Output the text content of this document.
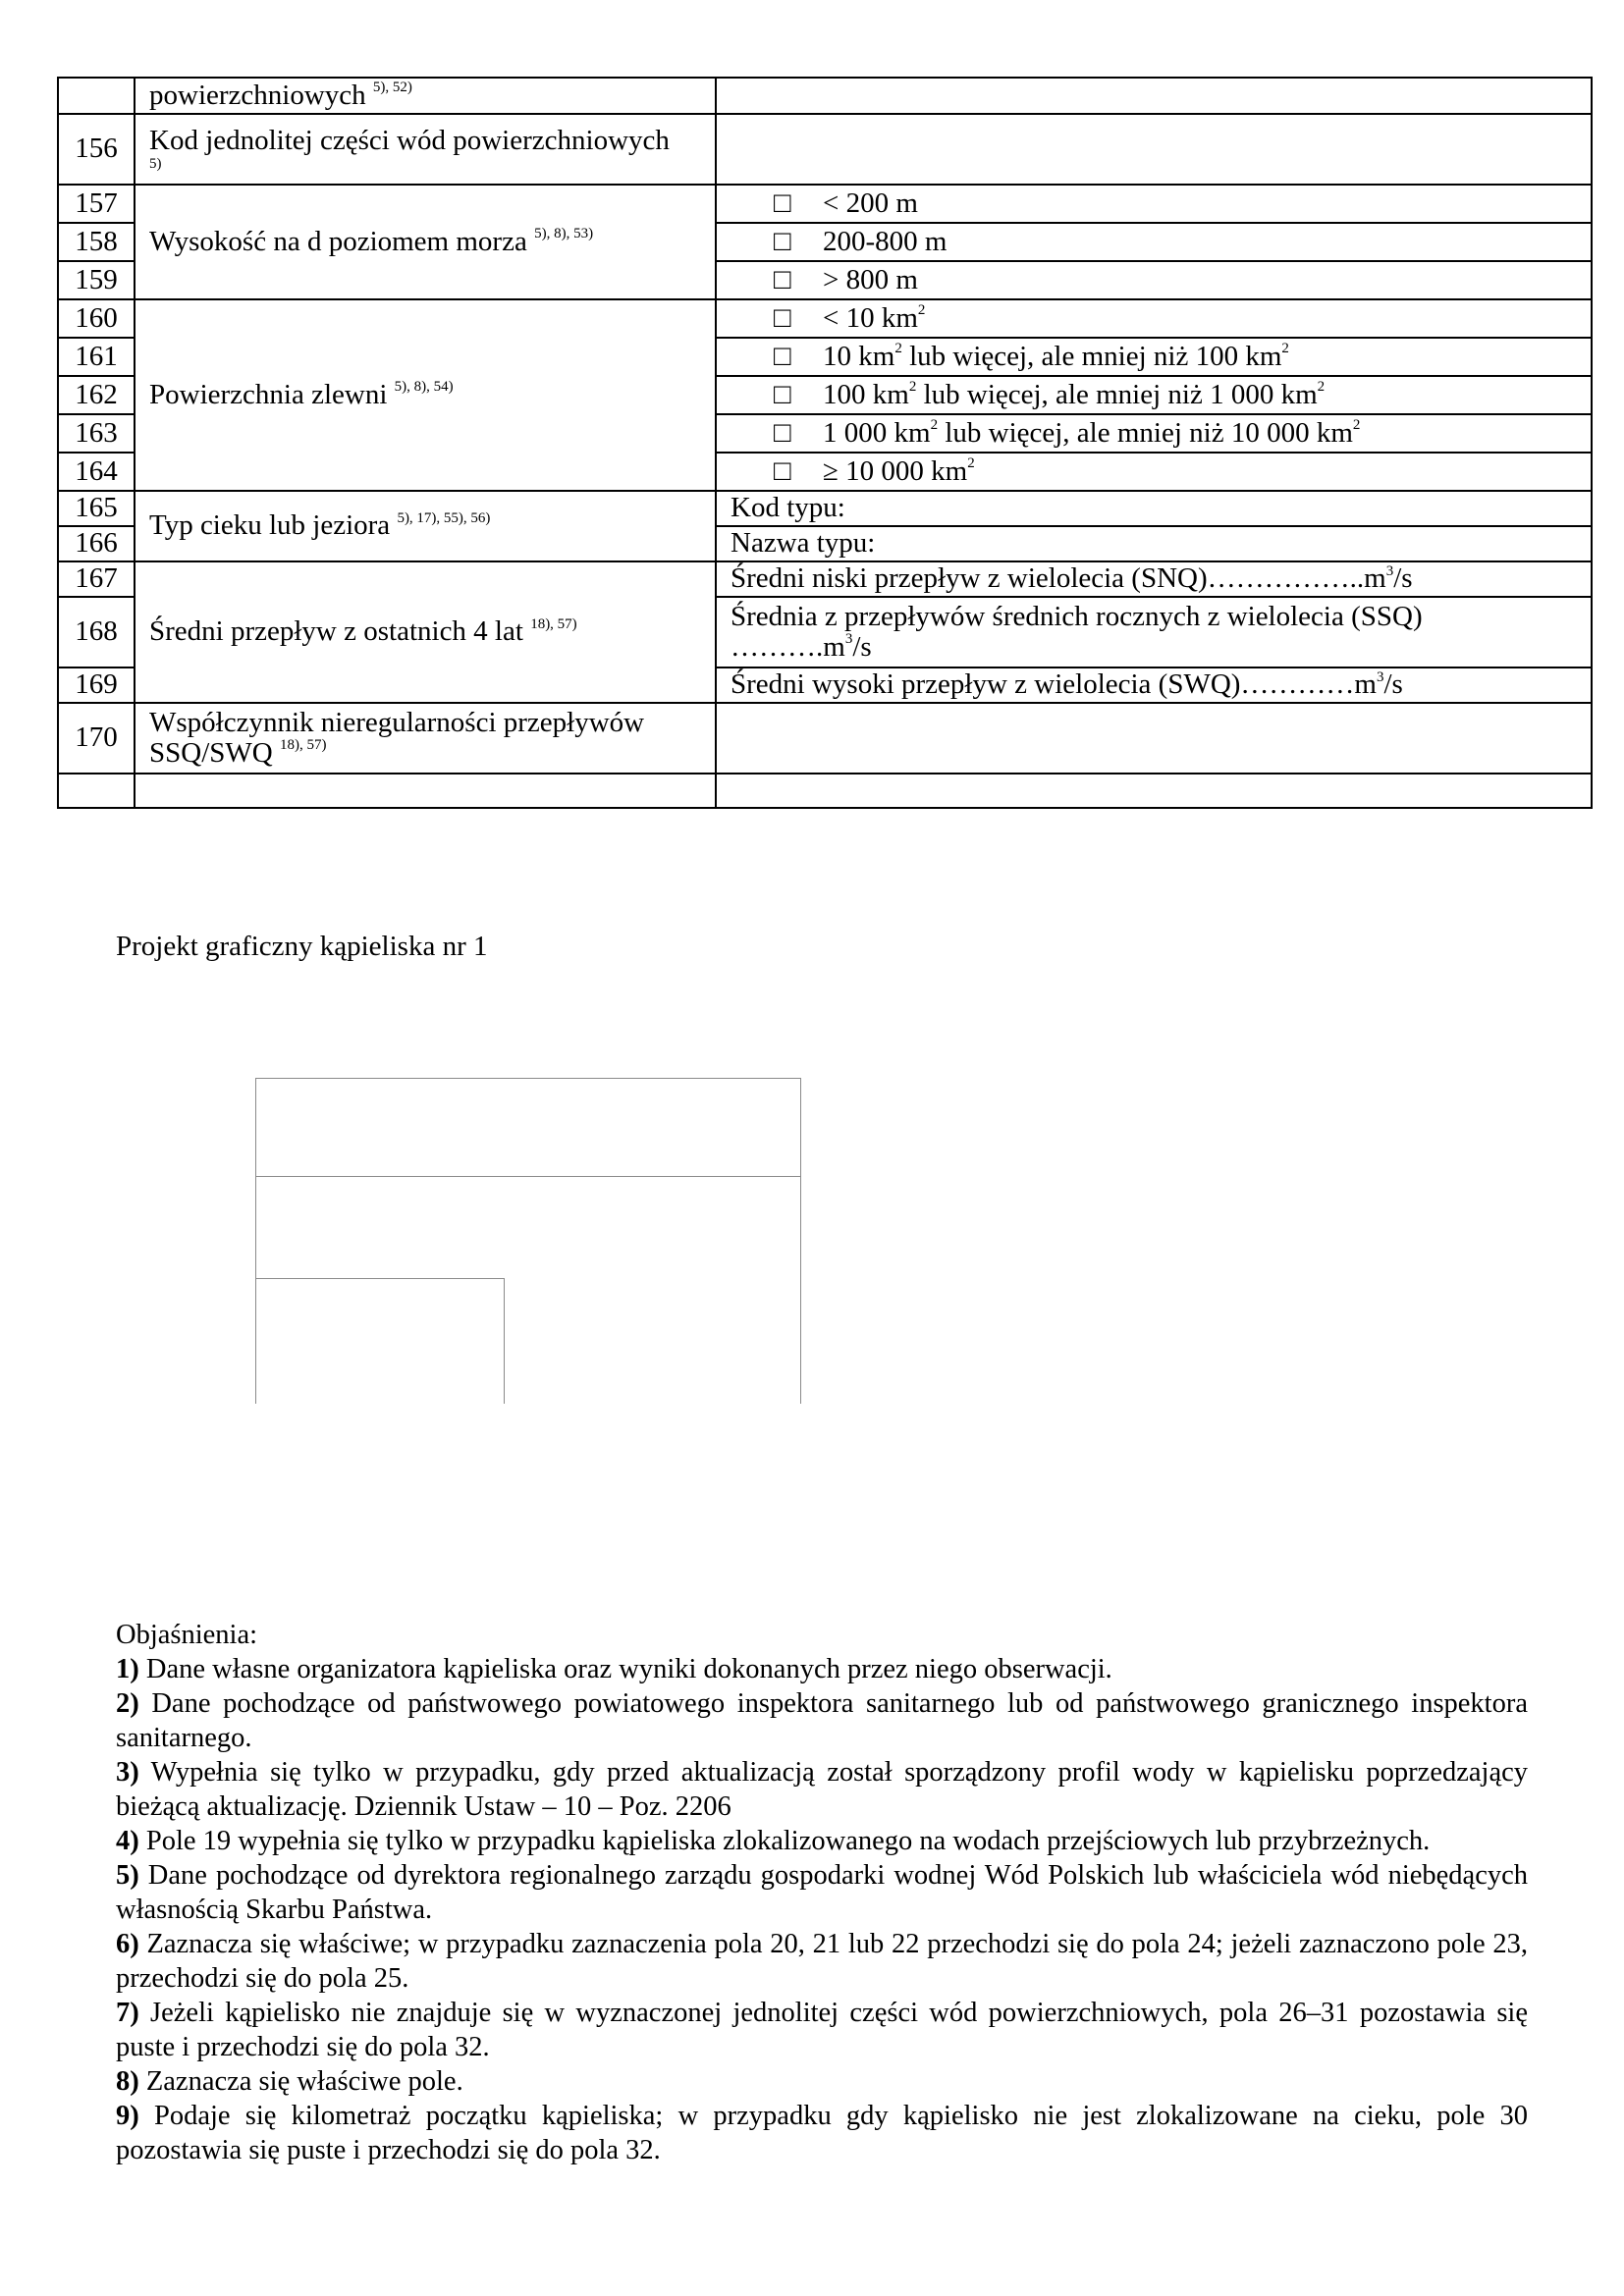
	powierzchniowych $^{5), 52)}$	
156	Kod jednolitej części wód powierzchniowych
5)	

157	Wysokość na d poziomem morza $^{5), 8), 53)}$	□ < 200 m
158		□ 200-800 m
159		□ > 800 m
160	Powierzchnia zlewni $^{5), 8), 54)}$	□ < 10 $km^2$
161		□ 10 $km^2$ lub więcej, ale mniej niż 100 $km^2$
162		□ 100 $km^2$ lub więcej, ale mniej niż 1 000 $km^2$
163		□ 1 000 $km^2$ lub więcej, ale mniej niż 10 000 $km^2$
164		□ ≥ 10 000 $km^2$
165	Typ cieku lub jeziora $^{5), 17), 55), 56)}$	Kod typu:
166		Nazwa typu:
167	Średni przepływ z ostatnich 4 lat $^{18), 57)}$	Średni niski przepływ z wielolecia $(SNQ)\dots\dots\dots\dots\dots..m^3/s$
168		Średnia z przepływów średnich rocznych z wielolecia (SSQ)
$\dots\dots\dots.m^3/s$
169		Średni wysoki przepływ z wielolecia $(SWQ)\dots\dots\dots\dots m^3/s$
170	Współczynnik nieregularności przepływów
SSQ/SWQ $^{18), 57)}$	

Projekt graficzny kąpieliska nr 1

Objaśnienia:

1) Dane własne organizatora kąpieliska oraz wyniki dokonanych przez niego obserwacji.

2) Dane pochodzące od państwowego powiatowego inspektora sanitarnego lub od państwowego granicznego inspektora sanitarnego.

3) Wypełnia się tylko w przypadku, gdy przed aktualizacją został sporządzony profil wody w kąpielisku poprzedzający bieżącą aktualizację. Dziennik Ustaw – 10 – Poz. 2206

4) Pole 19 wypełnia się tylko w przypadku kąpieliska zlokalizowanego na wodach przejściowych lub przybrzeżnych.

5) Dane pochodzące od dyrektora regionalnego zarządu gospodarki wodnej Wód Polskich lub właściciela wód niebędących własnością Skarbu Państwa.

6) Zaznacza się właściwe; w przypadku zaznaczenia pola 20, 21 lub 22 przechodzi się do pola 24; jeżeli zaznaczono pole 23, przechodzi się do pola 25.

7) Jeżeli kąpielisko nie znajduje się w wyznaczonej jednolitej części wód powierzchniowych, pola 26–31 pozostawia się puste i przechodzi się do pola 32.

8) Zaznacza się właściwe pole.

9) Podaje się kilometraż początku kąpieliska; w przypadku gdy kąpielisko nie jest zlokalizowane na cieku, pole 30 pozostawia się puste i przechodzi się do pola 32.
